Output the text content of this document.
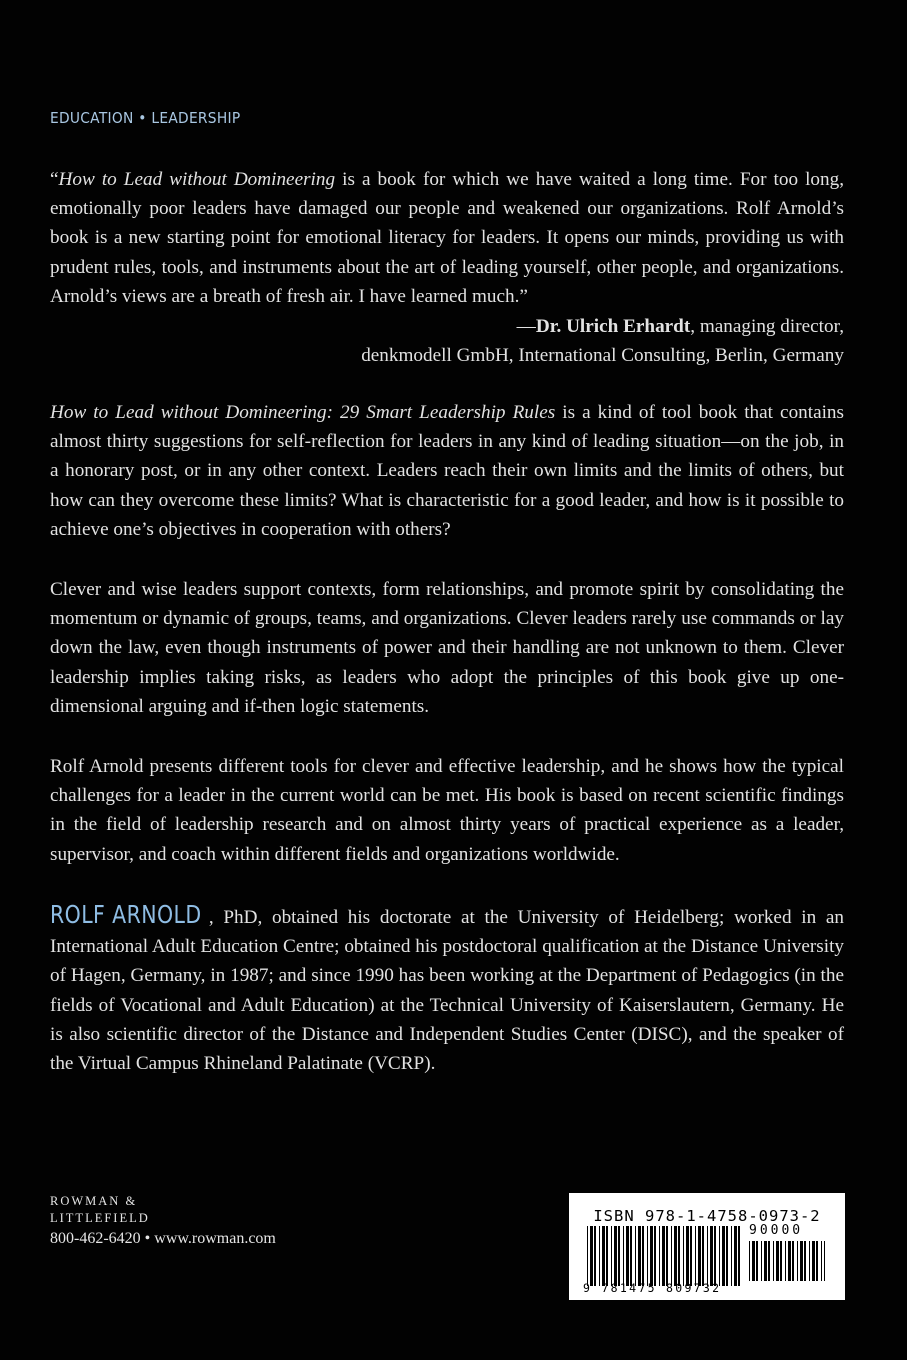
EDUCATION • LEADERSHIP

“How to Lead without Domineering is a book for which we have waited a long time. For too long, emotionally poor leaders have damaged our people and weakened our organizations. Rolf Arnold’s book is a new starting point for emotional literacy for leaders. It opens our minds, providing us with prudent rules, tools, and instruments about the art of leading yourself, other people, and organizations. Arnold’s views are a breath of fresh air. I have learned much.”

—Dr. Ulrich Erhardt, managing director,
denkmodell GmbH, International Consulting, Berlin, Germany

How to Lead without Domineering: 29 Smart Leadership Rules is a kind of tool book that contains almost thirty suggestions for self-reflection for leaders in any kind of leading situation—on the job, in a honorary post, or in any other context. Leaders reach their own limits and the limits of others, but how can they overcome these limits? What is characteristic for a good leader, and how is it possible to achieve one’s objectives in cooperation with others?

Clever and wise leaders support contexts, form relationships, and promote spirit by consolidating the momentum or dynamic of groups, teams, and organizations. Clever leaders rarely use commands or lay down the law, even though instruments of power and their handling are not unknown to them. Clever leadership implies taking risks, as leaders who adopt the principles of this book give up one-dimensional arguing and if-then logic statements.

Rolf Arnold presents different tools for clever and effective leadership, and he shows how the typical challenges for a leader in the current world can be met. His book is based on recent scientific findings in the field of leadership research and on almost thirty years of practical experience as a leader, supervisor, and coach within different fields and organizations worldwide.

ROLF ARNOLD , PhD, obtained his doctorate at the University of Heidelberg; worked in an International Adult Education Centre; obtained his postdoctoral qualification at the Distance University of Hagen, Germany, in 1987; and since 1990 has been working at the Department of Pedagogics (in the fields of Vocational and Adult Education) at the Technical University of Kaiserslautern, Germany. He is also scientific director of the Distance and Independent Studies Center (DISC), and the speaker of the Virtual Campus Rhineland Palatinate (VCRP).

ROWMAN &
LITTLEFIELD
800-462-6420 • www.rowman.com
ISBN 978-1-4758-0973-2
90000
9 781475 809732
